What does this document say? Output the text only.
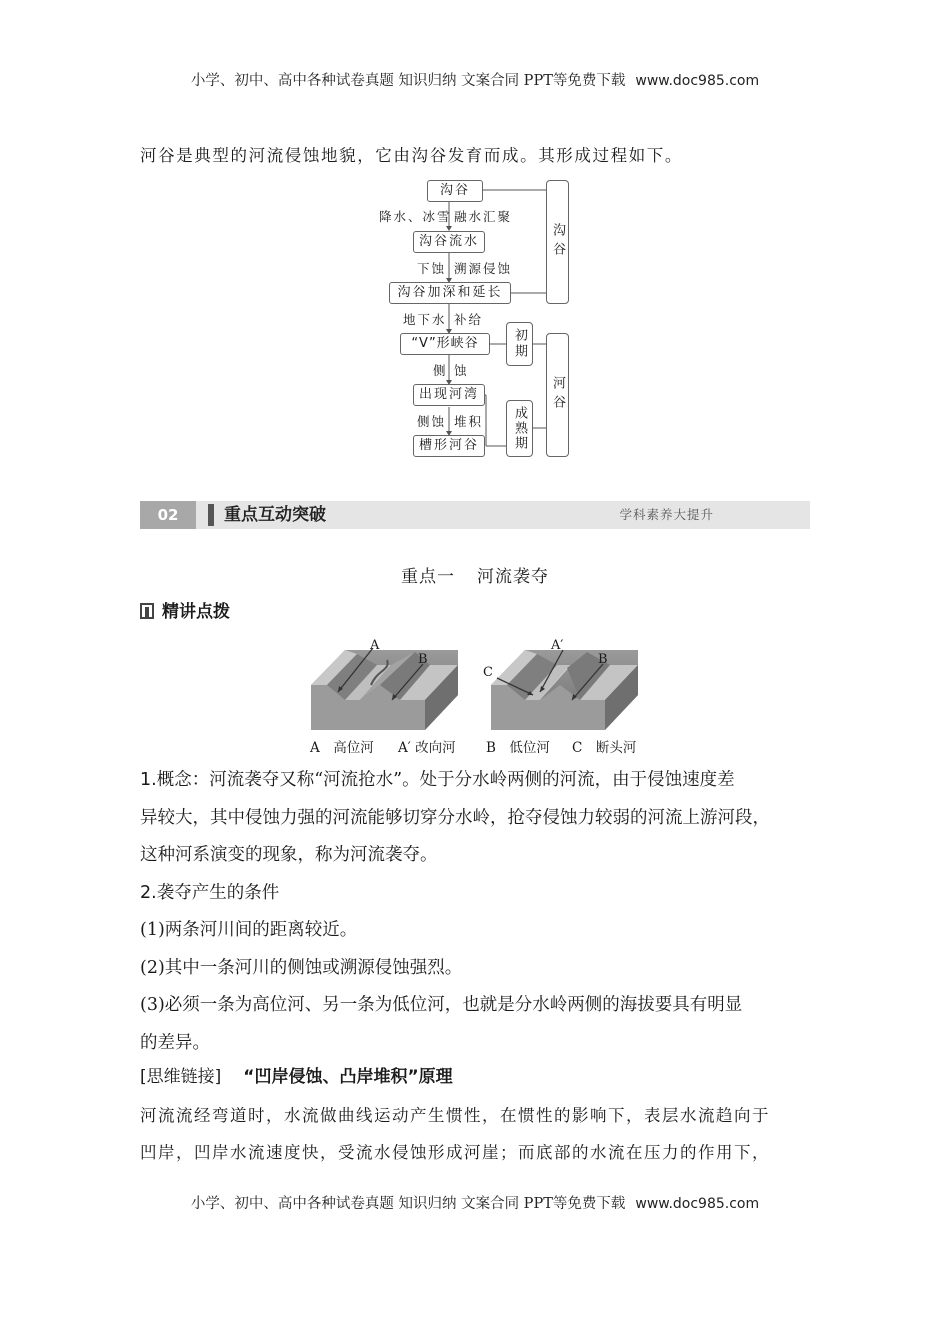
小学、初中、高中各种试卷真题 知识归纳 文案合同 PPT等免费下载 www.doc985.com
河谷是典型的河流侵蚀地貌，它由沟谷发育而成。其形成过程如下。
沟谷
降水、冰雪 融水汇聚
沟谷流水
下蚀 溯源侵蚀
沟谷加深和延长
地下水 补给
“V”形峡谷
侧 蚀
出现河湾
侧蚀 堆积
槽形河谷
沟谷
河谷
初期
成熟期
02	重点互动突破	学科素养大提升
重点一 河流袭夺
精讲点拨
A
B
A′
B
C
A　高位河 A′ 改向河 B　低位河 C　断头河

1.概念：河流袭夺又称“河流抢水”。处于分水岭两侧的河流，由于侵蚀速度差

异较大，其中侵蚀力强的河流能够切穿分水岭，抢夺侵蚀力较弱的河流上游河段，

这种河系演变的现象，称为河流袭夺。

2.袭夺产生的条件

(1)两条河川间的距离较近。

(2)其中一条河川的侧蚀或溯源侵蚀强烈。

(3)必须一条为高位河、另一条为低位河，也就是分水岭两侧的海拔要具有明显

的差异。

[思维链接] “凹岸侵蚀、凸岸堆积”原理

河流流经弯道时，水流做曲线运动产生惯性，在惯性的影响下，表层水流趋向于

凹岸，凹岸水流速度快，受流水侵蚀形成河崖；而底部的水流在压力的作用下，

小学、初中、高中各种试卷真题 知识归纳 文案合同 PPT等免费下载 www.doc985.com
